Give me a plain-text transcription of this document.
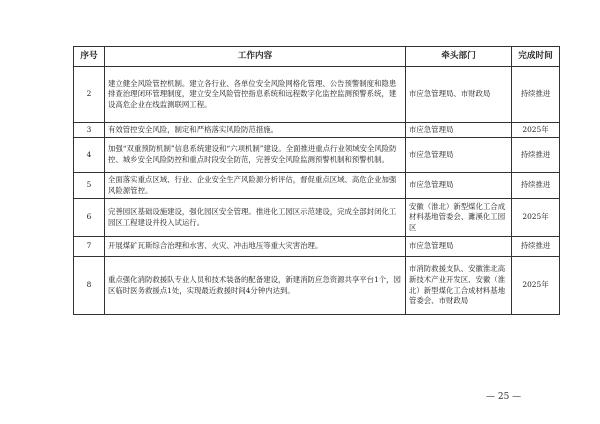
序号	工作内容	牵头部门	完成时间
2	建立健全风险管控机制。建立各行业、各单位安全风险网格化管理、公告预警制度和隐患排查治理闭环管理制度，建立安全风险管控指息系统和远程数字化监控监测预警系统，建设高危企业在线监测联网工程。	市应急管理局、市财政局	持续推进
3	有效管控安全风险，制定和严格落实风险防范措施。	市应急管理局	2025年
4	加强“双重预防机制”信息系统建设和“六项机制”建设。全面推进重点行业领域安全风险防控、城乡安全风险防控和重点时段安全防范，完善安全风险监测预警机制和预警机制。	市应急管理局	持续推进
5	全面落实重点区域、行业、企业安全生产风险源分析评估，督促重点区域、高危企业加强风险源管控。	市应急管理局	持续推进
6	完善园区基础设施建设，强化园区安全管理。推进化工园区示范建设，完成全部封闭化工园区工程建设并投入试运行。	安徽（淮北）新型煤化工合成材料基地管委会、濉溪化工园区	2025年
7	开展煤矿瓦斯综合治理和水害、火灾、冲击地压等重大灾害治理。	市应急管理局	持续推进
8	重点强化消防救援队专业人员和技术装备的配备建设，新建消防应急资源共享平台1个，园区临时医务救援点1处，实现最近救援时间4分钟内达到。	市消防救援支队、安徽淮北高新技术产业开发区、安徽（淮北）新型煤化工合成材料基地管委会、市财政局	2025年
— 25 —
